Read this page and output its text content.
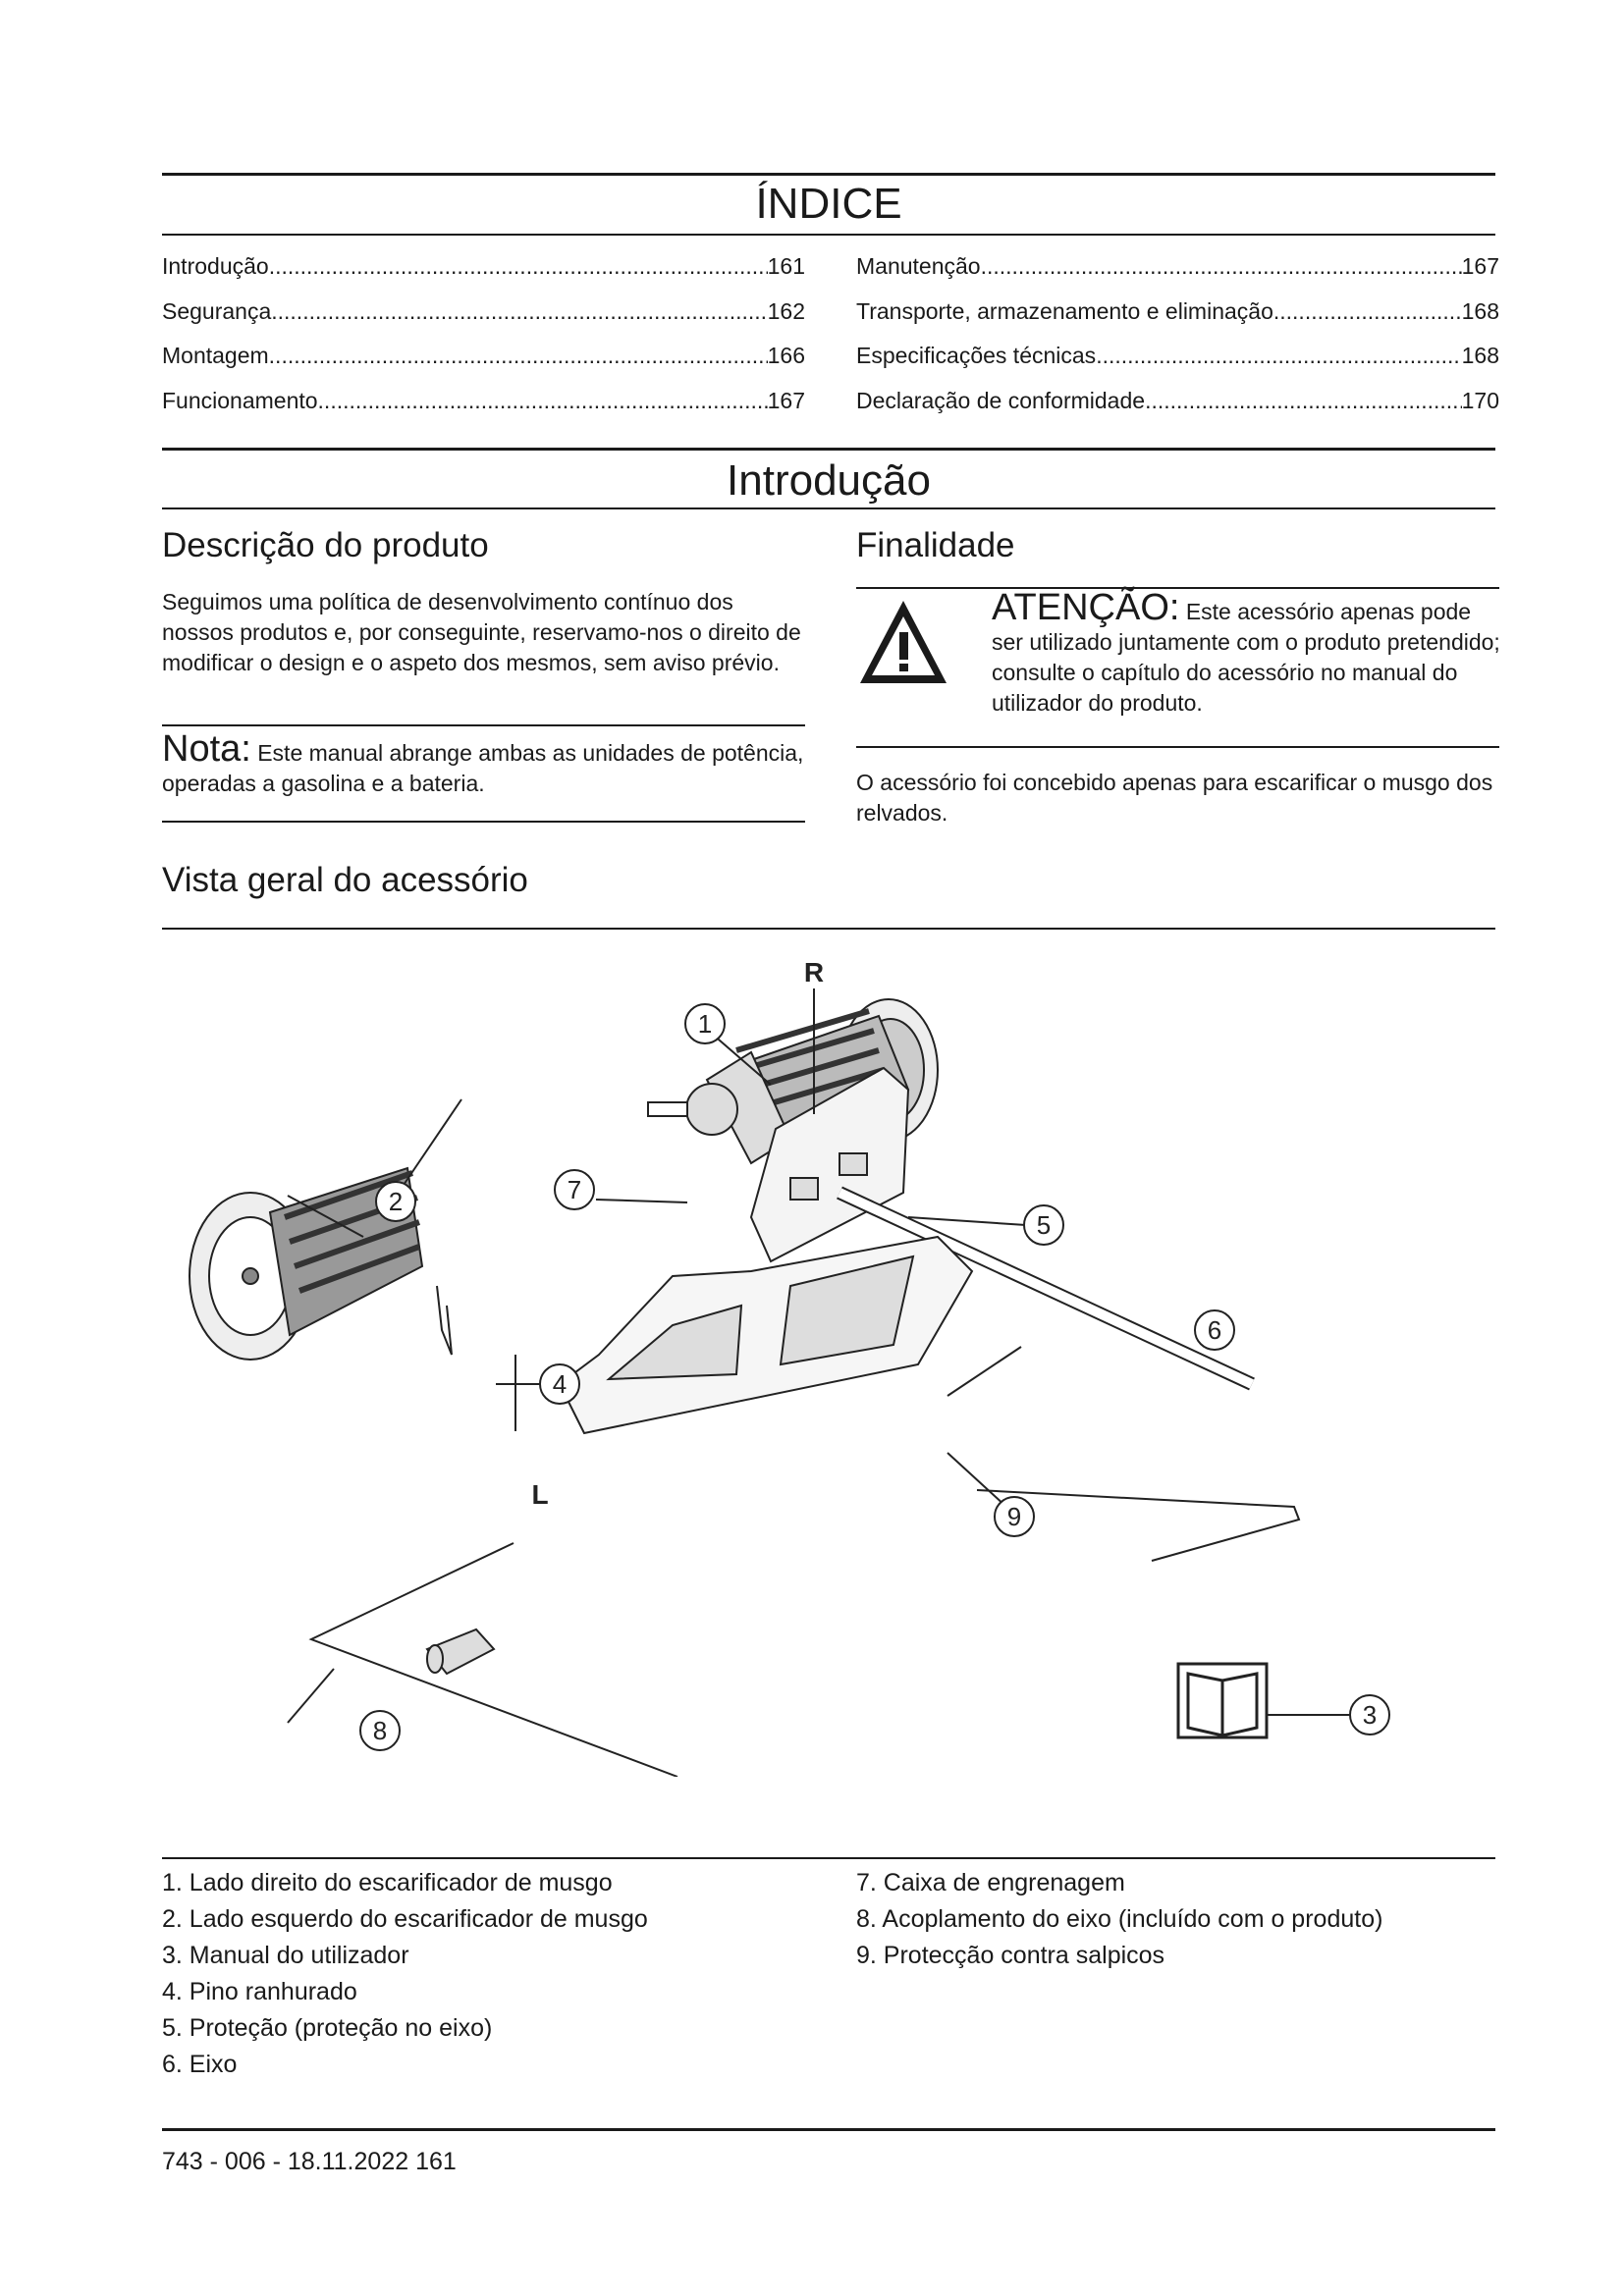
ÍNDICE
Introdução .....	161
Segurança .....	162
Montagem .....	166
Funcionamento .....	167
Manutenção .....	167
Transporte, armazenamento e eliminação .....	168
Especificações técnicas .....	168
Declaração de conformidade .....	170
Introdução
Descrição do produto
Seguimos uma política de desenvolvimento contínuo dos nossos produtos e, por conseguinte, reservamo-nos o direito de modificar o design e o aspeto dos mesmos, sem aviso prévio.
Nota: Este manual abrange ambas as unidades de potência, operadas a gasolina e a bateria.
Finalidade
ATENÇÃO: Este acessório apenas pode ser utilizado juntamente com o produto pretendido; consulte o capítulo do acessório no manual do utilizador do produto.
O acessório foi concebido apenas para escarificar o musgo dos relvados.
Vista geral do acessório
R
L
1
2
3
4
5
6
7
8
9
1. Lado direito do escarificador de musgo
2. Lado esquerdo do escarificador de musgo
3. Manual do utilizador
4. Pino ranhurado
5. Proteção (proteção no eixo)
6. Eixo
7. Caixa de engrenagem
8. Acoplamento do eixo (incluído com o produto)
9. Protecção contra salpicos
743 - 006 - 18.11.2022 161
